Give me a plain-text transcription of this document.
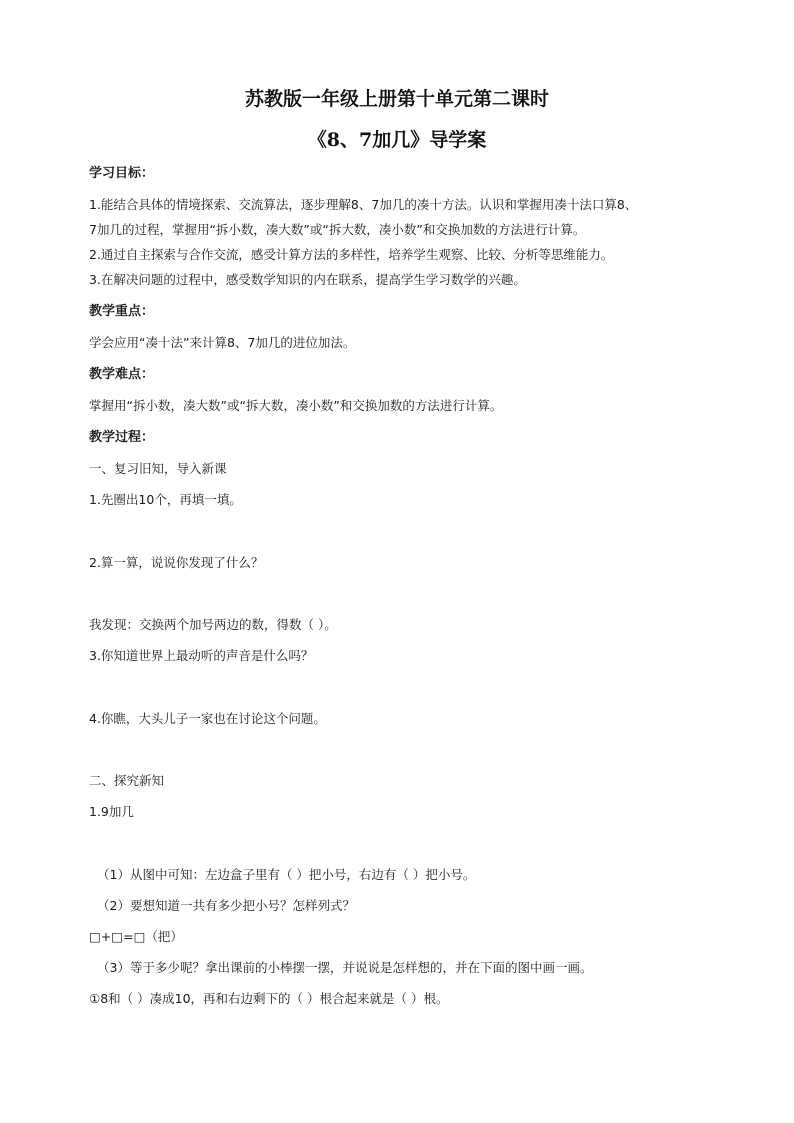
苏教版一年级上册第十单元第二课时
《8、7加几》导学案
学习目标：
1.能结合具体的情境探索、交流算法，逐步理解8、7加几的凑十方法。认识和掌握用凑十法口算8、
7加几的过程，掌握用“拆小数，凑大数”或“拆大数，凑小数”和交换加数的方法进行计算。
2.通过自主探索与合作交流，感受计算方法的多样性，培养学生观察、比较、分析等思维能力。
3.在解决问题的过程中，感受数学知识的内在联系，提高学生学习数学的兴趣。
教学重点：
学会应用“凑十法”来计算8、7加几的进位加法。
教学难点：
掌握用“拆小数，凑大数”或“拆大数，凑小数”和交换加数的方法进行计算。
教学过程：
一、复习旧知，导入新课
1.先圈出10个，再填一填。
2.算一算，说说你发现了什么？
我发现：交换两个加号两边的数，得数（ ）。
3.你知道世界上最动听的声音是什么吗？
4.你瞧，大头儿子一家也在讨论这个问题。
二、探究新知
1.9加几
（1）从图中可知：左边盒子里有（ ）把小号，右边有（ ）把小号。
（2）要想知道一共有多少把小号？怎样列式？
□+□=□（把）
（3）等于多少呢？拿出课前的小棒摆一摆，并说说是怎样想的，并在下面的图中画一画。
①8和（ ）凑成10，再和右边剩下的（ ）根合起来就是（ ）根。
